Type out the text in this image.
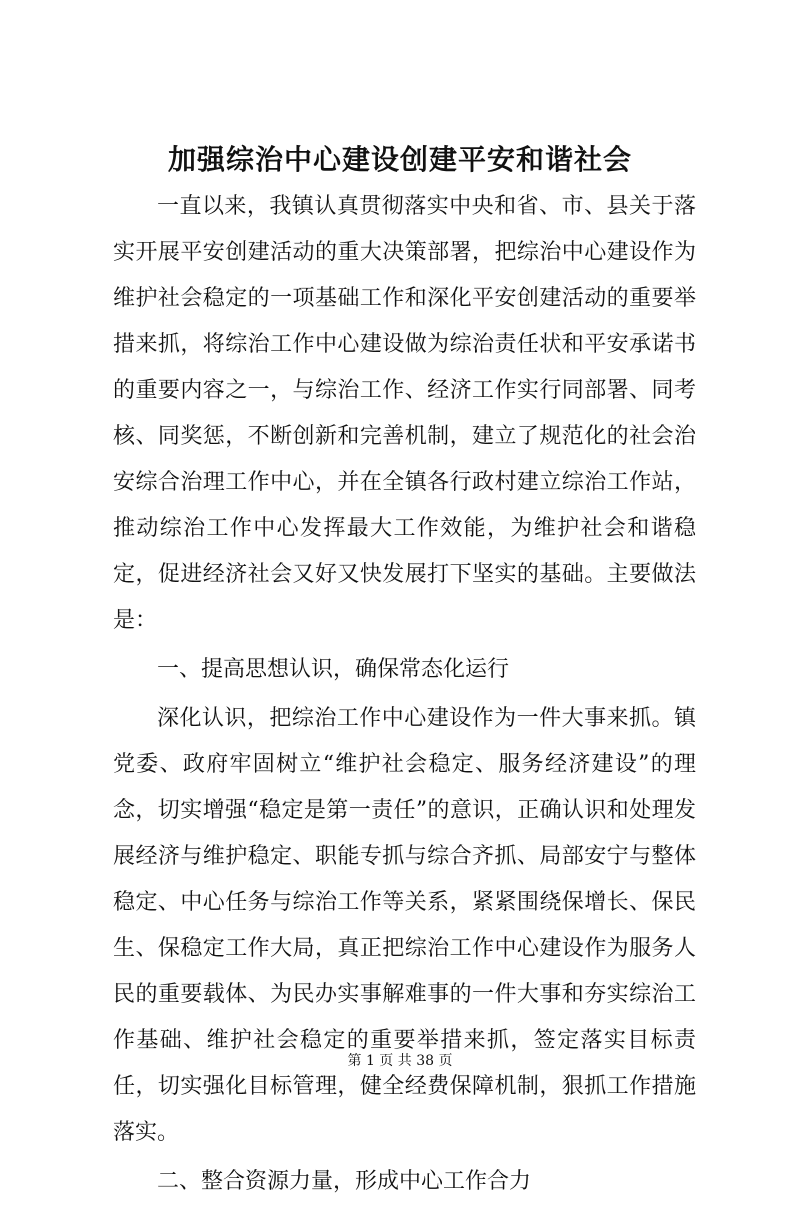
加强综治中心建设创建平安和谐社会

一直以来，我镇认真贯彻落实中央和省、市、县关于落实开展平安创建活动的重大决策部署，把综治中心建设作为维护社会稳定的一项基础工作和深化平安创建活动的重要举措来抓，将综治工作中心建设做为综治责任状和平安承诺书的重要内容之一，与综治工作、经济工作实行同部署、同考核、同奖惩，不断创新和完善机制，建立了规范化的社会治安综合治理工作中心，并在全镇各行政村建立综治工作站，推动综治工作中心发挥最大工作效能，为维护社会和谐稳定，促进经济社会又好又快发展打下坚实的基础。主要做法是：

一、提高思想认识，确保常态化运行

深化认识，把综治工作中心建设作为一件大事来抓。镇党委、政府牢固树立“维护社会稳定、服务经济建设”的理念，切实增强“稳定是第一责任”的意识，正确认识和处理发展经济与维护稳定、职能专抓与综合齐抓、局部安宁与整体稳定、中心任务与综治工作等关系，紧紧围绕保增长、保民生、保稳定工作大局，真正把综治工作中心建设作为服务人民的重要载体、为民办实事解难事的一件大事和夯实综治工作基础、维护社会稳定的重要举措来抓，签定落实目标责任，切实强化目标管理，健全经费保障机制，狠抓工作措施落实。

二、整合资源力量，形成中心工作合力

第 1 页 共 38 页
